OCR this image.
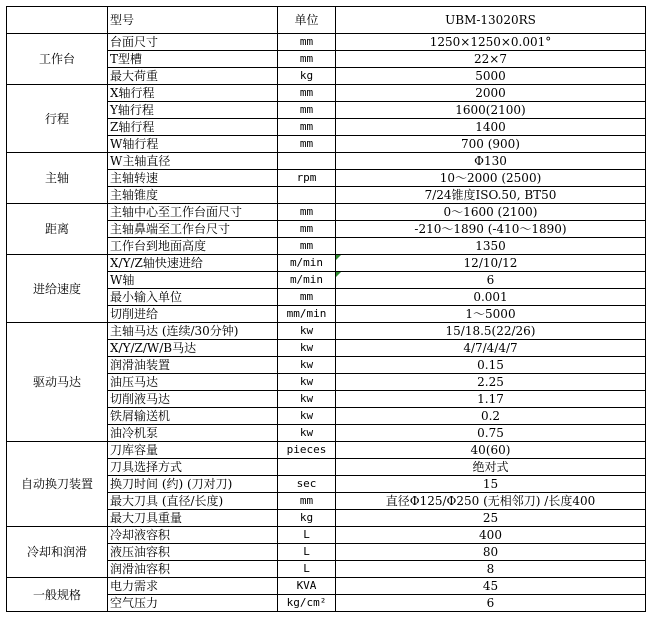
	型号	单位	UBM-13020RS
工作台	台面尺寸	mm	1250×1250×0.001°
	T型槽	mm	22×7
	最大荷重	kg	5000
行程	X轴行程	mm	2000
	Y轴行程	mm	1600(2100)
	Z轴行程	mm	1400
	W轴行程	mm	700 (900)
主轴	W主轴直径		Φ130
	主轴转速	rpm	10～2000 (2500)
	主轴锥度		7/24锥度ISO.50, BT50
距离	主轴中心至工作台面尺寸	mm	0～1600 (2100)
	主轴鼻端至工作台尺寸	mm	-210～1890 (-410～1890)
	工作台到地面高度	mm	1350
进给速度	X/Y/Z轴快速进给	m/min	12/10/12
	W轴	m/min	6
	最小输入单位	mm	0.001
	切削进给	mm/min	1～5000
驱动马达	主轴马达 (连续/30分钟)	kw	15/18.5(22/26)
	X/Y/Z/W/B马达	kw	4/7/4/4/7
	润滑油装置	kw	0.15
	油压马达	kw	2.25
	切削液马达	kw	1.17
	铁屑输送机	kw	0.2
	油冷机泵	kw	0.75
自动换刀装置	刀库容量	pieces	40(60)
	刀具选择方式		绝对式
	换刀时间 (约) (刀对刀)	sec	15
	最大刀具 (直径/长度)	mm	直径Φ125/Φ250 (无相邻刀) /长度400
	最大刀具重量	kg	25
冷却和润滑	冷却液容积	L	400
	液压油容积	L	80
	润滑油容积	L	8
一般规格	电力需求	KVA	45
	空气压力	kg/cm²	6
